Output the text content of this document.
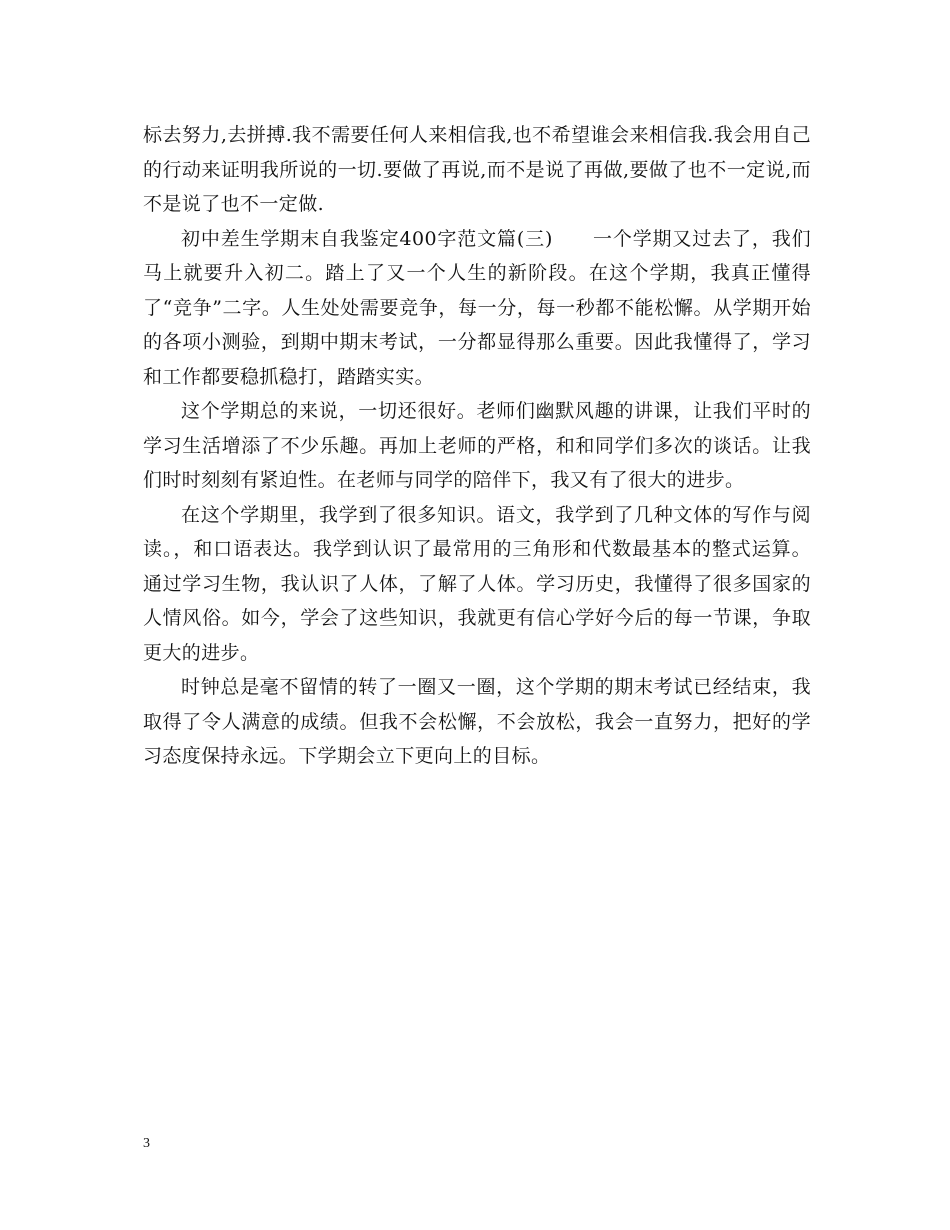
标去努力,去拼搏.我不需要任何人来相信我,也不希望谁会来相信我.我会用自己的行动来证明我所说的一切.要做了再说,而不是说了再做,要做了也不一定说,而不是说了也不一定做.

初中差生学期末自我鉴定400字范文篇(三)　　一个学期又过去了，我们马上就要升入初二。踏上了又一个人生的新阶段。在这个学期，我真正懂得了“竞争”二字。人生处处需要竞争，每一分，每一秒都不能松懈。从学期开始的各项小测验，到期中期末考试，一分都显得那么重要。因此我懂得了，学习和工作都要稳抓稳打，踏踏实实。

这个学期总的来说，一切还很好。老师们幽默风趣的讲课，让我们平时的学习生活增添了不少乐趣。再加上老师的严格，和和同学们多次的谈话。让我们时时刻刻有紧迫性。在老师与同学的陪伴下，我又有了很大的进步。

在这个学期里，我学到了很多知识。语文，我学到了几种文体的写作与阅读。，和口语表达。我学到认识了最常用的三角形和代数最基本的整式运算。通过学习生物，我认识了人体，了解了人体。学习历史，我懂得了很多国家的人情风俗。如今，学会了这些知识，我就更有信心学好今后的每一节课，争取更大的进步。

时钟总是毫不留情的转了一圈又一圈，这个学期的期末考试已经结束，我取得了令人满意的成绩。但我不会松懈，不会放松，我会一直努力，把好的学习态度保持永远。下学期会立下更向上的目标。

3
